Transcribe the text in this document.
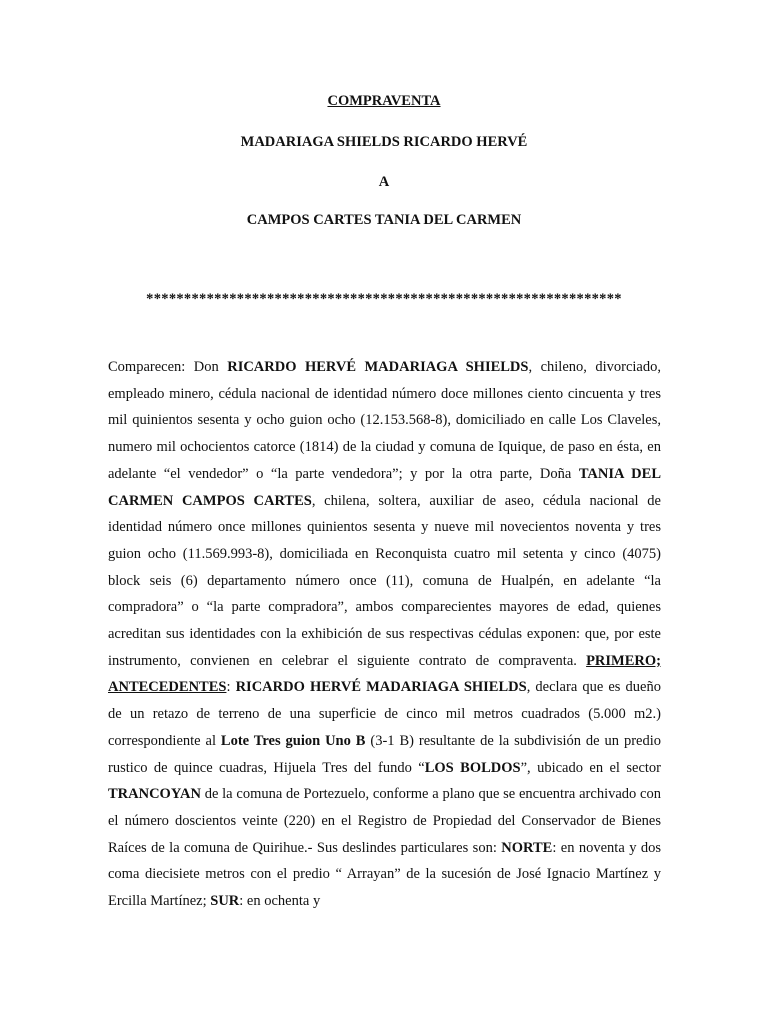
COMPRAVENTA
MADARIAGA SHIELDS RICARDO HERVÉ
A
CAMPOS CARTES TANIA DEL CARMEN
***************************************************************

Comparecen: Don RICARDO HERVÉ MADARIAGA SHIELDS, chileno, divorciado, empleado minero, cédula nacional de identidad número doce millones ciento cincuenta y tres mil quinientos sesenta y ocho guion ocho (12.153.568-8), domiciliado en calle Los Claveles, numero mil ochocientos catorce (1814) de la ciudad y comuna de Iquique, de paso en ésta, en adelante “el vendedor” o “la parte vendedora”; y por la otra parte, Doña TANIA DEL CARMEN CAMPOS CARTES, chilena, soltera, auxiliar de aseo, cédula nacional de identidad número once millones quinientos sesenta y nueve mil novecientos noventa y tres guion ocho (11.569.993-8), domiciliada en Reconquista cuatro mil setenta y cinco (4075) block seis (6) departamento número once (11), comuna de Hualpén, en adelante “la compradora” o “la parte compradora”, ambos comparecientes mayores de edad, quienes acreditan sus identidades con la exhibición de sus respectivas cédulas exponen: que, por este instrumento, convienen en celebrar el siguiente contrato de compraventa. PRIMERO; ANTECEDENTES: RICARDO HERVÉ MADARIAGA SHIELDS, declara que es dueño de un retazo de terreno de una superficie de cinco mil metros cuadrados (5.000 m2.) correspondiente al Lote Tres guion Uno B (3-1 B) resultante de la subdivisión de un predio rustico de quince cuadras, Hijuela Tres del fundo “LOS BOLDOS”, ubicado en el sector TRANCOYAN de la comuna de Portezuelo, conforme a plano que se encuentra archivado con el número doscientos veinte (220) en el Registro de Propiedad del Conservador de Bienes Raíces de la comuna de Quirihue.- Sus deslindes particulares son: NORTE: en noventa y dos coma diecisiete metros con el predio “ Arrayan” de la sucesión de José Ignacio Martínez y Ercilla Martínez; SUR: en ochenta y
